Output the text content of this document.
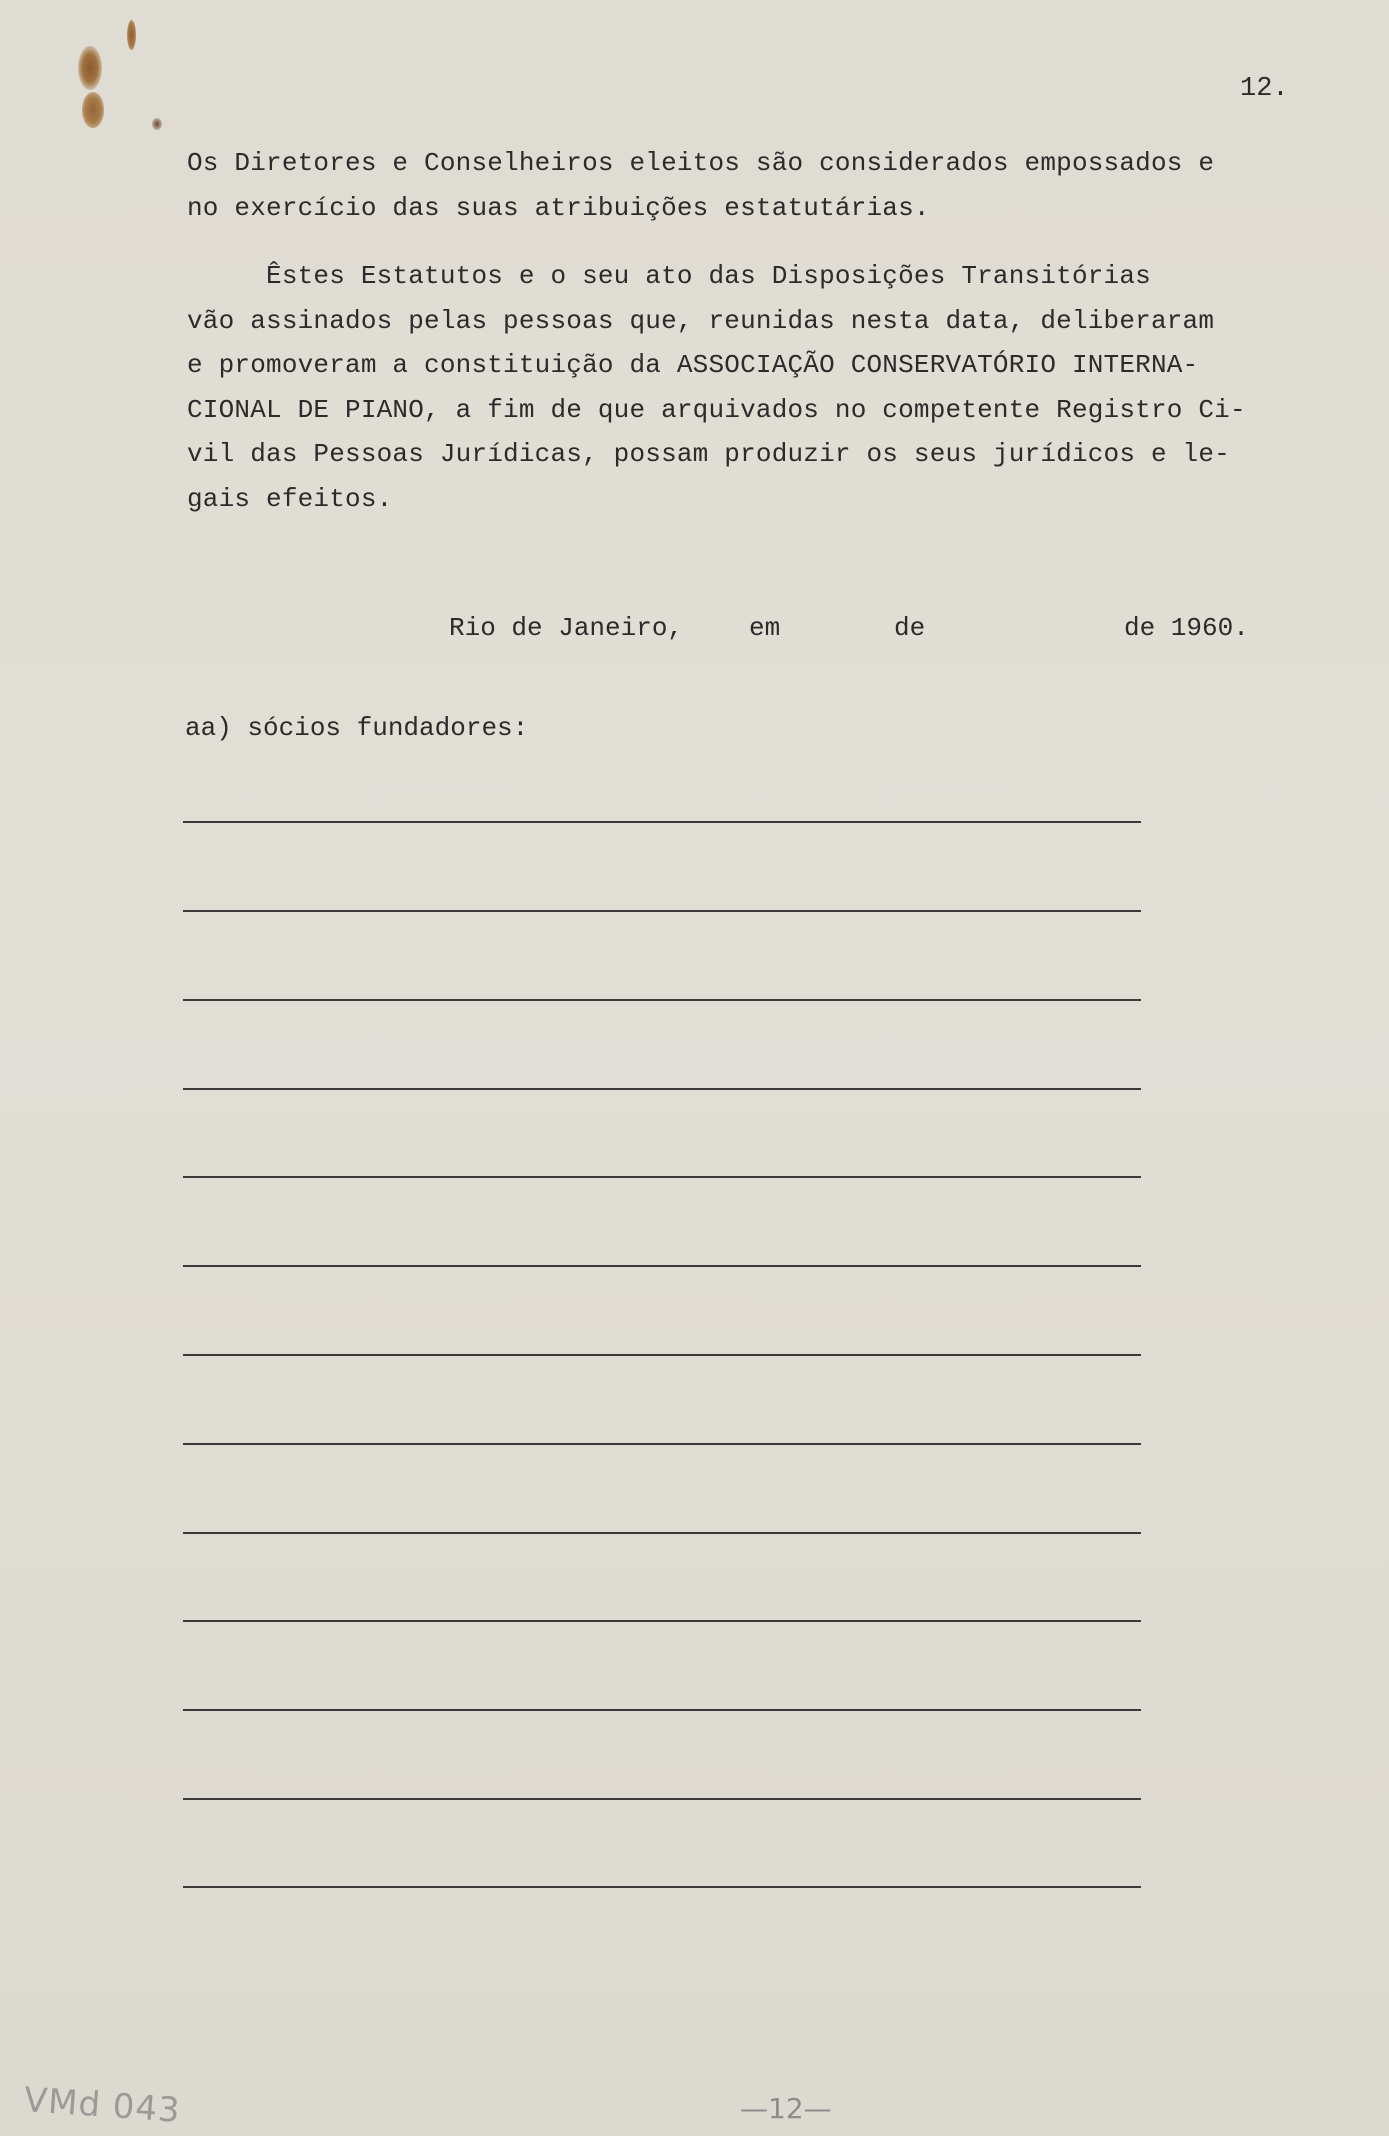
12.
Os Diretores e Conselheiros eleitos são considerados empossados e
no exercício das suas atribuições estatutárias.
Êstes Estatutos e o seu ato das Disposições Transitórias
vão assinados pelas pessoas que, reunidas nesta data, deliberaram
e promoveram a constituição da ASSOCIAÇÃO CONSERVATÓRIO INTERNA-
CIONAL DE PIANO, a fim de que arquivados no competente Registro Ci-
vil das Pessoas Jurídicas, possam produzir os seus jurídicos e le-
gais efeitos.

Rio de Janeiro,

	em

	de

	de 1960.

aa) sócios fundadores:
VMd 043	—12—
